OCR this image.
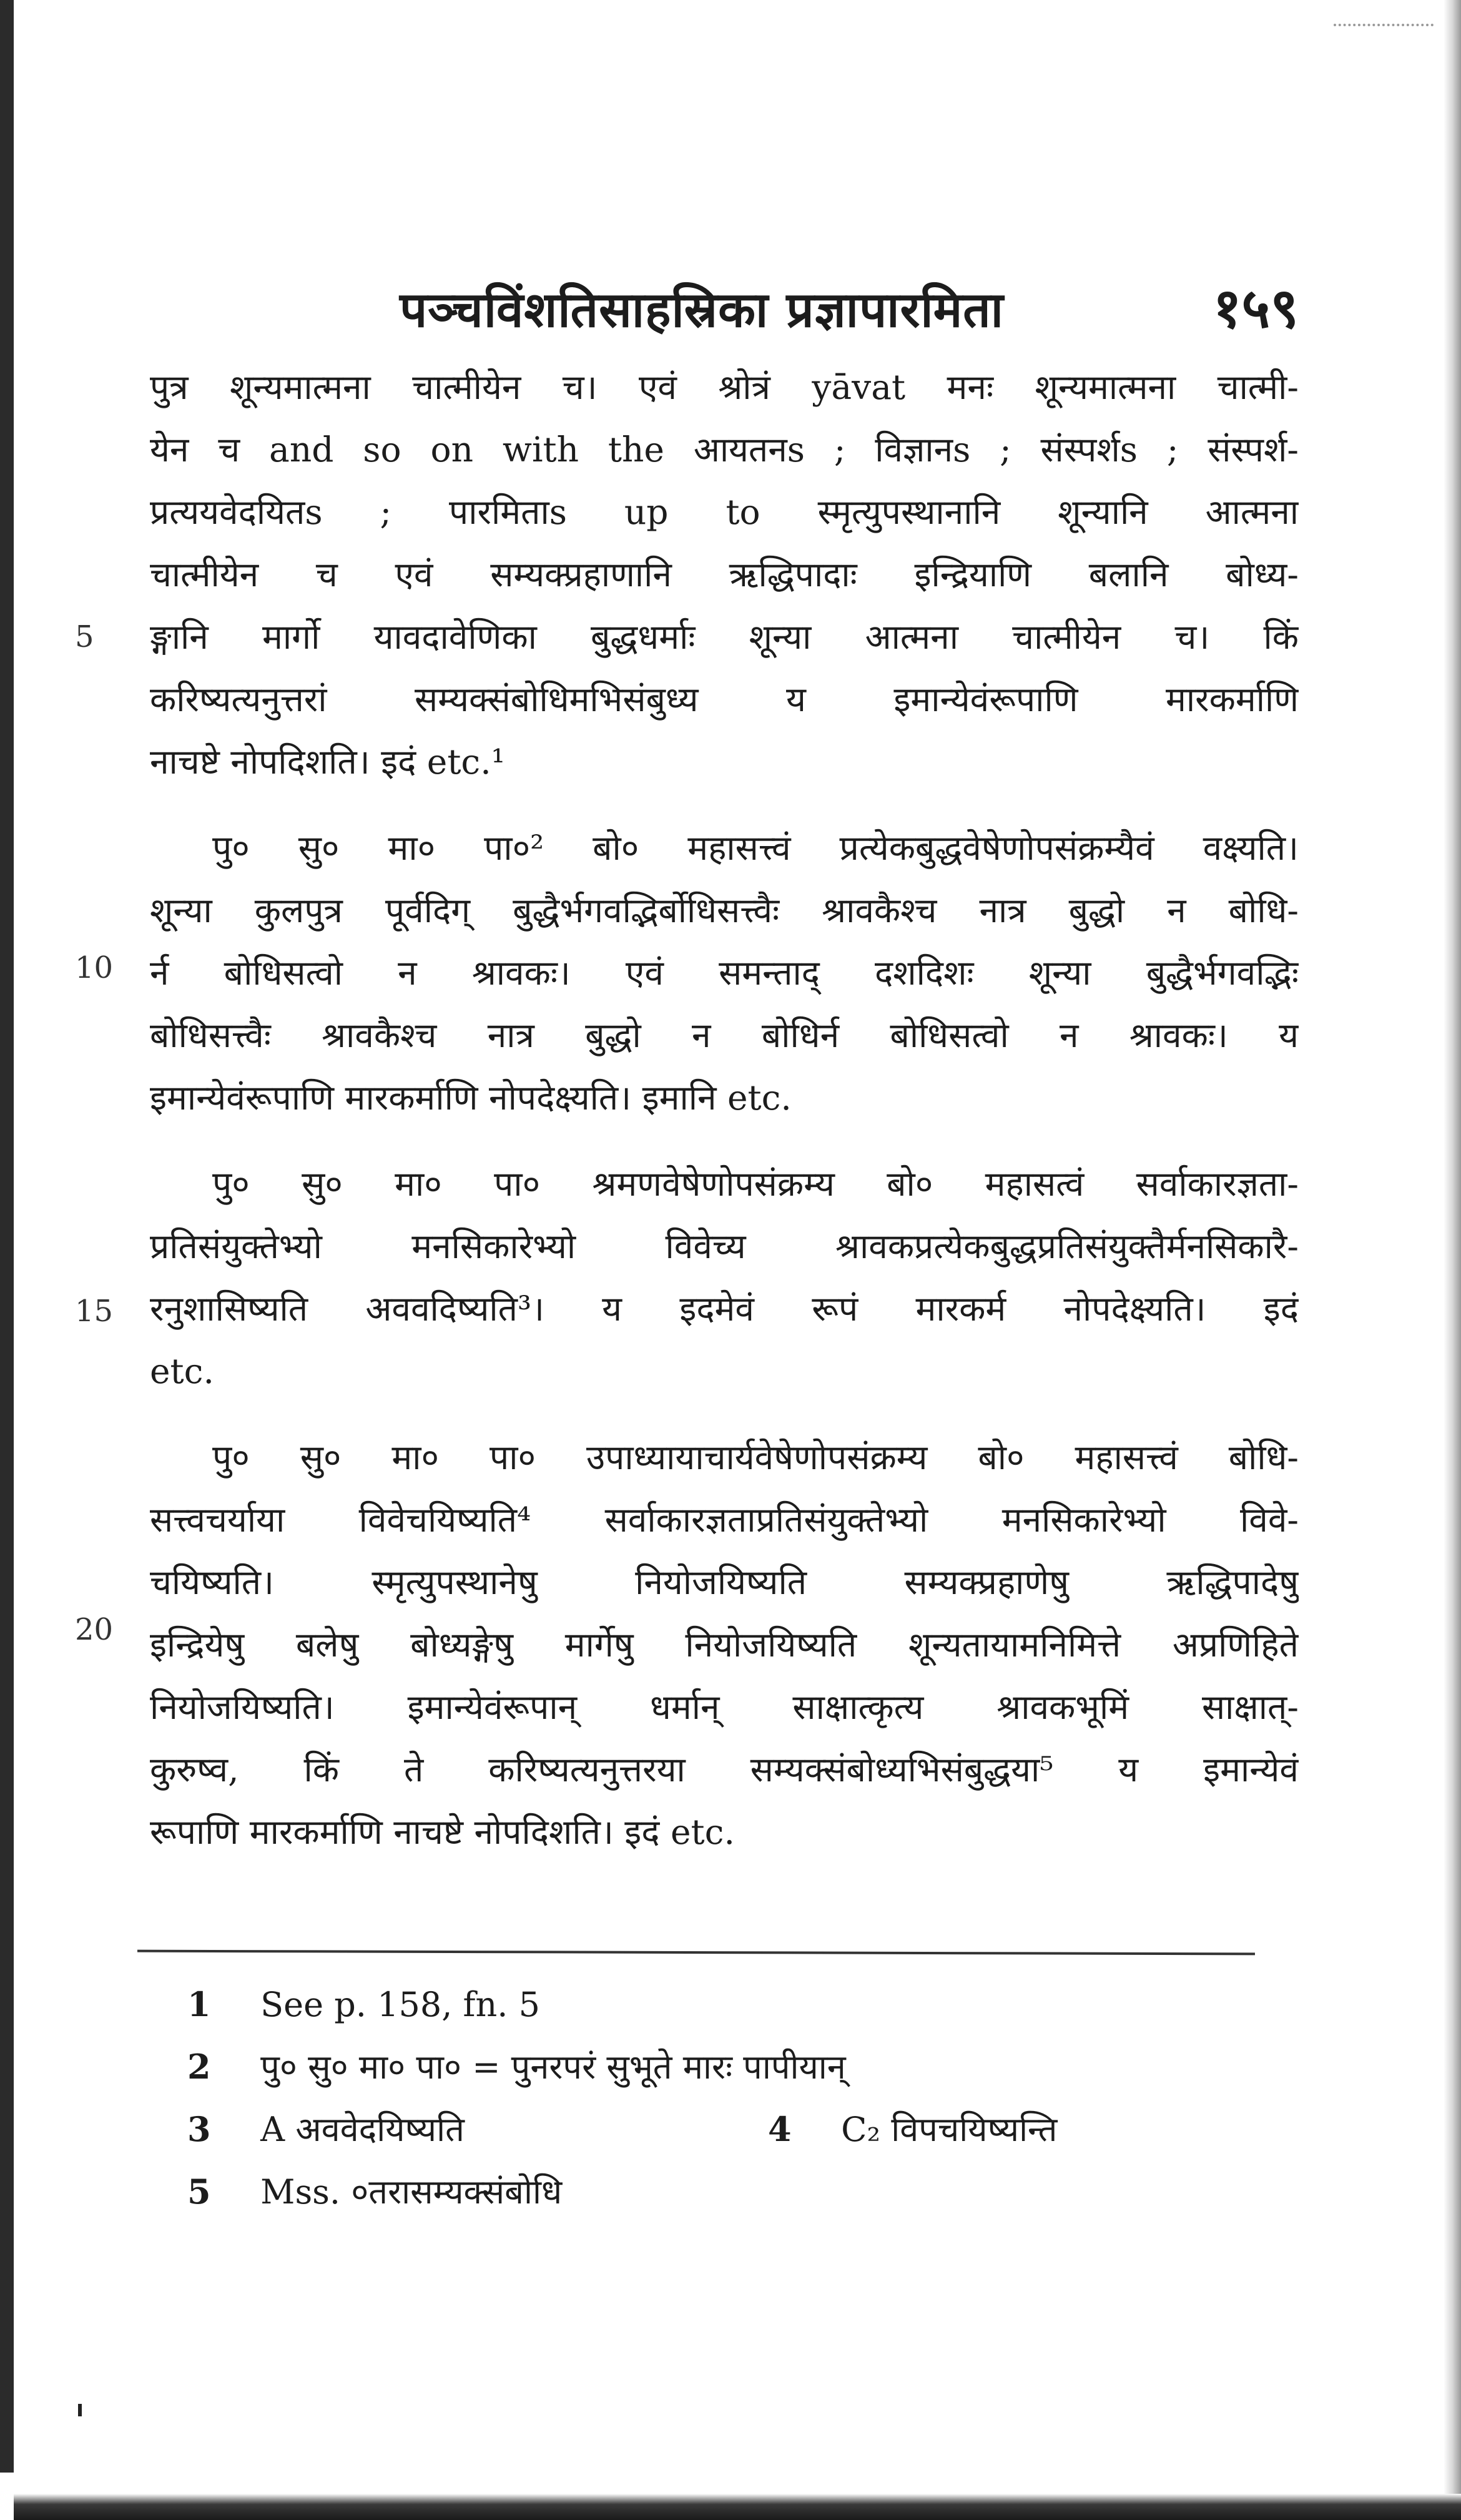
पञ्चविंशतिसाहस्रिका प्रज्ञापारमिता	१५९
5
10
15
20
पुत्र शून्यमात्मना चात्मीयेन च। एवं श्रोत्रं yāvat मनः शून्यमात्मना चात्मी-
येन च and so on with the आयतनs ; विज्ञानs ; संस्पर्शs ; संस्पर्श-
प्रत्ययवेदयितs ; पारमिताs up to स्मृत्युपस्थानानि शून्यानि आत्मना
चात्मीयेन च एवं सम्यक्प्रहाणानि ऋद्धिपादाः इन्द्रियाणि बलानि बोध्य-
ङ्गानि मार्गो यावदावेणिका बुद्धधर्माः शून्या आत्मना चात्मीयेन च। किं
करिष्यत्यनुत्तरां सम्यक्संबोधिमभिसंबुध्य य इमान्येवंरूपाणि मारकर्माणि
नाचष्टे नोपदिशति। इदं etc.¹
पु० सु० मा० पा०² बो० महासत्त्वं प्रत्येकबुद्धवेषेणोपसंक्रम्यैवं वक्ष्यति।
शून्या कुलपुत्र पूर्वदिग् बुद्धैर्भगवद्भिर्बोधिसत्त्वैः श्रावकैश्च नात्र बुद्धो न बोधि-
र्न बोधिसत्वो न श्रावकः। एवं समन्ताद् दशदिशः शून्या बुद्धैर्भगवद्भिः
बोधिसत्त्वैः श्रावकैश्च नात्र बुद्धो न बोधिर्न बोधिसत्वो न श्रावकः। य
इमान्येवंरूपाणि मारकर्माणि नोपदेक्ष्यति। इमानि etc.
पु० सु० मा० पा० श्रमणवेषेणोपसंक्रम्य बो० महासत्वं सर्वाकारज्ञता-
प्रतिसंयुक्तेभ्यो मनसिकारेभ्यो विवेच्य श्रावकप्रत्येकबुद्धप्रतिसंयुक्तैर्मनसिकारै-
रनुशासिष्यति अववदिष्यति³। य इदमेवं रूपं मारकर्म नोपदेक्ष्यति। इदं
etc.
पु० सु० मा० पा० उपाध्यायाचार्यवेषेणोपसंक्रम्य बो० महासत्त्वं बोधि-
सत्त्वचर्याया विवेचयिष्यति⁴ सर्वाकारज्ञताप्रतिसंयुक्तेभ्यो मनसिकारेभ्यो विवे-
चयिष्यति। स्मृत्युपस्थानेषु नियोजयिष्यति सम्यक्प्रहाणेषु ऋद्धिपादेषु
इन्द्रियेषु बलेषु बोध्यङ्गेषु मार्गेषु नियोजयिष्यति शून्यतायामनिमित्ते अप्रणिहिते
नियोजयिष्यति। इमान्येवंरूपान् धर्मान् साक्षात्कृत्य श्रावकभूमिं साक्षात्-
कुरुष्व, किं ते करिष्यत्यनुत्तरया सम्यक्संबोध्यभिसंबुद्धया⁵ य इमान्येवं
रूपाणि मारकर्माणि नाचष्टे नोपदिशति। इदं etc.
1 See p. 158, fn. 5
2 पु० सु० मा० पा० = पुनरपरं सुभूते मारः पापीयान्
3 A अववेदयिष्यति	4 C₂ विपचयिष्यन्ति
5 Mss. ०तरासम्यक्संबोधि
